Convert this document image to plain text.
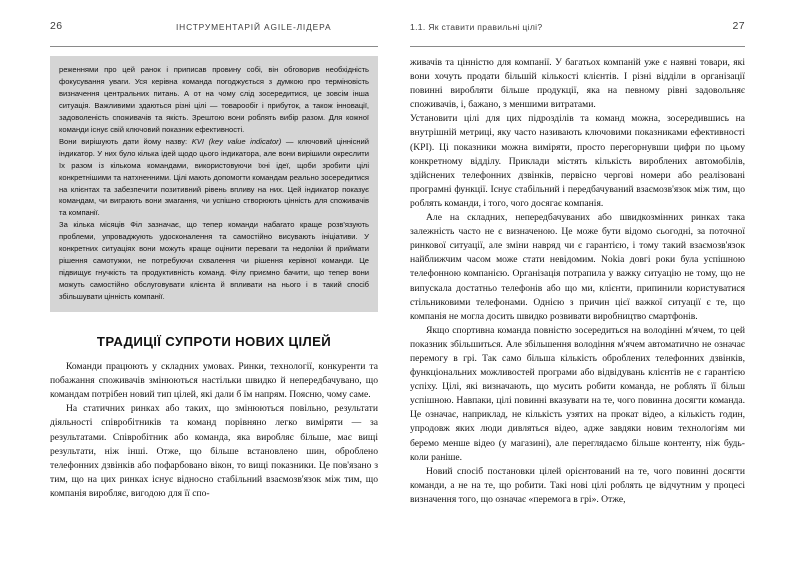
26	ІНСТРУМЕНТАРІЙ AGILE-ЛІДЕРА

реженнями про цей ранок і приписав провину собі, він обговорив необхідність фокусування уваги. Уся керівна команда погоджується з думкою про терміновість визначення центральних питань. А от на чому слід зосередитися, це зовсім інша ситуація. Важливими здаються різні цілі — товарообіг і прибуток, а також інновації, задоволеність споживачів та якість. Зрештою вони роблять вибір разом. Для кожної команди існує свій ключовий показник ефективності.

Вони вирішують дати йому назву: KVI (key value indicator) — ключовий ціннісний індикатор. У них було кілька ідей щодо цього індикатора, але вони вирішили окреслити їх разом із кількома командами, використовуючи їхні ідеї, щоби зробити цілі конкретнішими та натхненними. Цілі мають допомогти командам реально зосередитися на клієнтах та забезпечити позитивний рівень впливу на них. Цей індикатор показує командам, чи виграють вони змагання, чи успішно створюють цінність для споживачів та компанії.

За кілька місяців Філ зазначає, що тепер команди набагато краще розв'язують проблеми, упроваджують удосконалення та самостійно висувають ініціативи. У конкретних ситуаціях вони можуть краще оцінити переваги та недоліки й приймати рішення самотужки, не потребуючи схвалення чи рішення керівної команди. Це підвищує гнучкість та продуктивність команд. Філу приємно бачити, що тепер вони можуть самостійно обслуговувати клієнта й впливати на нього і в такий спосіб збільшувати цінність компанії.

ТРАДИЦІЇ СУПРОТИ НОВИХ ЦІЛЕЙ

Команди працюють у складних умовах. Ринки, технології, конкуренти та побажання споживачів змінюються настільки швидко й непередбачувано, що командам потрібен новий тип цілей, які дали б їм напрям. Поясню, чому саме.

На статичних ринках або таких, що змінюються повільно, результати діяльності співробітників та команд порівняно легко виміряти — за результатами. Співробітник або команда, яка виробляє більше, має вищі результати, ніж інші. Отже, що більше встановлено шин, оброблено телефонних дзвінків або пофарбовано вікон, то вищі показники. Це пов'язано з тим, що на цих ринках існує відносно стабільний взаємозв'язок між тим, що компанія виробляє, вигодою для її спо-

1.1. Як ставити правильні цілі?	27

живачів та цінністю для компанії. У багатьох компаній уже є наявні товари, які вони хочуть продати більшій кількості клієнтів. І різні відділи в організації повинні виробляти більше продукції, яка на певному рівні задовольняє споживачів, і, бажано, з меншими витратами.

Установити цілі для цих підрозділів та команд можна, зосередившись на внутрішній метриці, яку часто називають ключовими показниками ефективності (KPI). Ці показники можна виміряти, просто перегорнувши цифри по цьому конкретному відділу. Приклади містять кількість вироблених автомобілів, здійснених телефонних дзвінків, первісно чергові номери або реалізовані програмні функції. Існує стабільний і передбачуваний взаємозв'язок між тим, що роблять команди, і того, чого досягає компанія.

Але на складних, непередбачуваних або швидкозмінних ринках така залежність часто не є визначеною. Це може бути відомо сьогодні, за поточної ринкової ситуації, але зміни навряд чи є гарантією, і тому такий взаємозв'язок найближчим часом може стати невідомим. Nokia довгі роки була успішною телефонною компанією. Організація потрапила у важку ситуацію не тому, що не випускала достатньо телефонів або що ми, клієнти, припинили користуватися стільниковими телефонами. Однією з причин цієї важкої ситуації є те, що компанія не могла досить швидко розвивати виробництво смартфонів.

Якщо спортивна команда повністю зосередиться на володінні м'ячем, то цей показник збільшиться. Але збільшення володіння м'ячем автоматично не означає перемогу в грі. Так само більша кількість оброблених телефонних дзвінків, функціональних можливостей програми або відвідувань клієнтів не є гарантією успіху. Цілі, які визначають, що мусить робити команда, не роблять її більш успішною. Навпаки, цілі повинні вказувати на те, чого повинна досягти команда. Це означає, наприклад, не кількість узятих на прокат відео, а кількість годин, упродовж яких люди дивляться відео, адже завдяки новим технологіям ми беремо менше відео (у магазині), але переглядаємо більше контенту, ніж будь-коли раніше.

Новий спосіб постановки цілей орієнтований на те, чого повинні досягти команди, а не на те, що робити. Такі нові цілі роблять це відчутним у процесі визначення того, що означає «перемога в грі». Отже,
